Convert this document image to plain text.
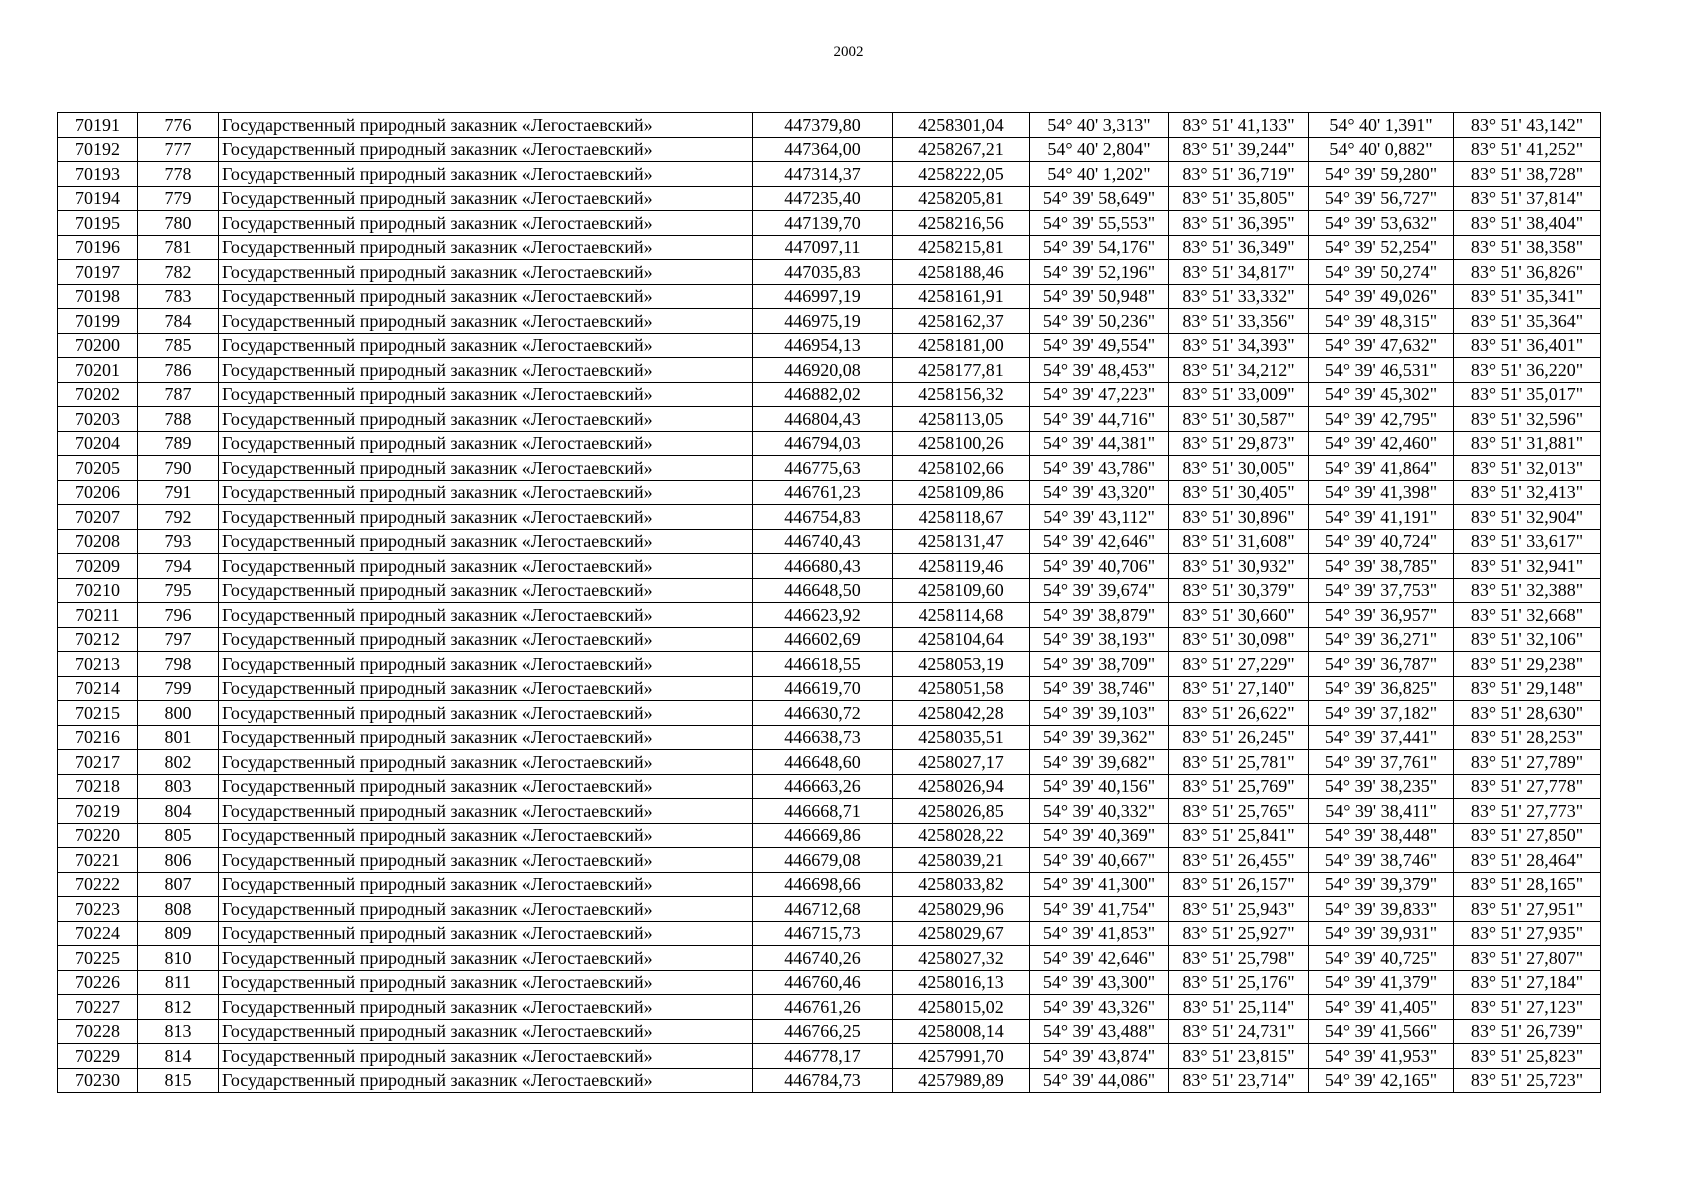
2002
70191	776	Государственный природный заказник «Легостаевский»	447379,80	4258301,04	54° 40' 3,313"	83° 51' 41,133"	54° 40' 1,391"	83° 51' 43,142"
70192	777	Государственный природный заказник «Легостаевский»	447364,00	4258267,21	54° 40' 2,804"	83° 51' 39,244"	54° 40' 0,882"	83° 51' 41,252"
70193	778	Государственный природный заказник «Легостаевский»	447314,37	4258222,05	54° 40' 1,202"	83° 51' 36,719"	54° 39' 59,280"	83° 51' 38,728"
70194	779	Государственный природный заказник «Легостаевский»	447235,40	4258205,81	54° 39' 58,649"	83° 51' 35,805"	54° 39' 56,727"	83° 51' 37,814"
70195	780	Государственный природный заказник «Легостаевский»	447139,70	4258216,56	54° 39' 55,553"	83° 51' 36,395"	54° 39' 53,632"	83° 51' 38,404"
70196	781	Государственный природный заказник «Легостаевский»	447097,11	4258215,81	54° 39' 54,176"	83° 51' 36,349"	54° 39' 52,254"	83° 51' 38,358"
70197	782	Государственный природный заказник «Легостаевский»	447035,83	4258188,46	54° 39' 52,196"	83° 51' 34,817"	54° 39' 50,274"	83° 51' 36,826"
70198	783	Государственный природный заказник «Легостаевский»	446997,19	4258161,91	54° 39' 50,948"	83° 51' 33,332"	54° 39' 49,026"	83° 51' 35,341"
70199	784	Государственный природный заказник «Легостаевский»	446975,19	4258162,37	54° 39' 50,236"	83° 51' 33,356"	54° 39' 48,315"	83° 51' 35,364"
70200	785	Государственный природный заказник «Легостаевский»	446954,13	4258181,00	54° 39' 49,554"	83° 51' 34,393"	54° 39' 47,632"	83° 51' 36,401"
70201	786	Государственный природный заказник «Легостаевский»	446920,08	4258177,81	54° 39' 48,453"	83° 51' 34,212"	54° 39' 46,531"	83° 51' 36,220"
70202	787	Государственный природный заказник «Легостаевский»	446882,02	4258156,32	54° 39' 47,223"	83° 51' 33,009"	54° 39' 45,302"	83° 51' 35,017"
70203	788	Государственный природный заказник «Легостаевский»	446804,43	4258113,05	54° 39' 44,716"	83° 51' 30,587"	54° 39' 42,795"	83° 51' 32,596"
70204	789	Государственный природный заказник «Легостаевский»	446794,03	4258100,26	54° 39' 44,381"	83° 51' 29,873"	54° 39' 42,460"	83° 51' 31,881"
70205	790	Государственный природный заказник «Легостаевский»	446775,63	4258102,66	54° 39' 43,786"	83° 51' 30,005"	54° 39' 41,864"	83° 51' 32,013"
70206	791	Государственный природный заказник «Легостаевский»	446761,23	4258109,86	54° 39' 43,320"	83° 51' 30,405"	54° 39' 41,398"	83° 51' 32,413"
70207	792	Государственный природный заказник «Легостаевский»	446754,83	4258118,67	54° 39' 43,112"	83° 51' 30,896"	54° 39' 41,191"	83° 51' 32,904"
70208	793	Государственный природный заказник «Легостаевский»	446740,43	4258131,47	54° 39' 42,646"	83° 51' 31,608"	54° 39' 40,724"	83° 51' 33,617"
70209	794	Государственный природный заказник «Легостаевский»	446680,43	4258119,46	54° 39' 40,706"	83° 51' 30,932"	54° 39' 38,785"	83° 51' 32,941"
70210	795	Государственный природный заказник «Легостаевский»	446648,50	4258109,60	54° 39' 39,674"	83° 51' 30,379"	54° 39' 37,753"	83° 51' 32,388"
70211	796	Государственный природный заказник «Легостаевский»	446623,92	4258114,68	54° 39' 38,879"	83° 51' 30,660"	54° 39' 36,957"	83° 51' 32,668"
70212	797	Государственный природный заказник «Легостаевский»	446602,69	4258104,64	54° 39' 38,193"	83° 51' 30,098"	54° 39' 36,271"	83° 51' 32,106"
70213	798	Государственный природный заказник «Легостаевский»	446618,55	4258053,19	54° 39' 38,709"	83° 51' 27,229"	54° 39' 36,787"	83° 51' 29,238"
70214	799	Государственный природный заказник «Легостаевский»	446619,70	4258051,58	54° 39' 38,746"	83° 51' 27,140"	54° 39' 36,825"	83° 51' 29,148"
70215	800	Государственный природный заказник «Легостаевский»	446630,72	4258042,28	54° 39' 39,103"	83° 51' 26,622"	54° 39' 37,182"	83° 51' 28,630"
70216	801	Государственный природный заказник «Легостаевский»	446638,73	4258035,51	54° 39' 39,362"	83° 51' 26,245"	54° 39' 37,441"	83° 51' 28,253"
70217	802	Государственный природный заказник «Легостаевский»	446648,60	4258027,17	54° 39' 39,682"	83° 51' 25,781"	54° 39' 37,761"	83° 51' 27,789"
70218	803	Государственный природный заказник «Легостаевский»	446663,26	4258026,94	54° 39' 40,156"	83° 51' 25,769"	54° 39' 38,235"	83° 51' 27,778"
70219	804	Государственный природный заказник «Легостаевский»	446668,71	4258026,85	54° 39' 40,332"	83° 51' 25,765"	54° 39' 38,411"	83° 51' 27,773"
70220	805	Государственный природный заказник «Легостаевский»	446669,86	4258028,22	54° 39' 40,369"	83° 51' 25,841"	54° 39' 38,448"	83° 51' 27,850"
70221	806	Государственный природный заказник «Легостаевский»	446679,08	4258039,21	54° 39' 40,667"	83° 51' 26,455"	54° 39' 38,746"	83° 51' 28,464"
70222	807	Государственный природный заказник «Легостаевский»	446698,66	4258033,82	54° 39' 41,300"	83° 51' 26,157"	54° 39' 39,379"	83° 51' 28,165"
70223	808	Государственный природный заказник «Легостаевский»	446712,68	4258029,96	54° 39' 41,754"	83° 51' 25,943"	54° 39' 39,833"	83° 51' 27,951"
70224	809	Государственный природный заказник «Легостаевский»	446715,73	4258029,67	54° 39' 41,853"	83° 51' 25,927"	54° 39' 39,931"	83° 51' 27,935"
70225	810	Государственный природный заказник «Легостаевский»	446740,26	4258027,32	54° 39' 42,646"	83° 51' 25,798"	54° 39' 40,725"	83° 51' 27,807"
70226	811	Государственный природный заказник «Легостаевский»	446760,46	4258016,13	54° 39' 43,300"	83° 51' 25,176"	54° 39' 41,379"	83° 51' 27,184"
70227	812	Государственный природный заказник «Легостаевский»	446761,26	4258015,02	54° 39' 43,326"	83° 51' 25,114"	54° 39' 41,405"	83° 51' 27,123"
70228	813	Государственный природный заказник «Легостаевский»	446766,25	4258008,14	54° 39' 43,488"	83° 51' 24,731"	54° 39' 41,566"	83° 51' 26,739"
70229	814	Государственный природный заказник «Легостаевский»	446778,17	4257991,70	54° 39' 43,874"	83° 51' 23,815"	54° 39' 41,953"	83° 51' 25,823"
70230	815	Государственный природный заказник «Легостаевский»	446784,73	4257989,89	54° 39' 44,086"	83° 51' 23,714"	54° 39' 42,165"	83° 51' 25,723"
